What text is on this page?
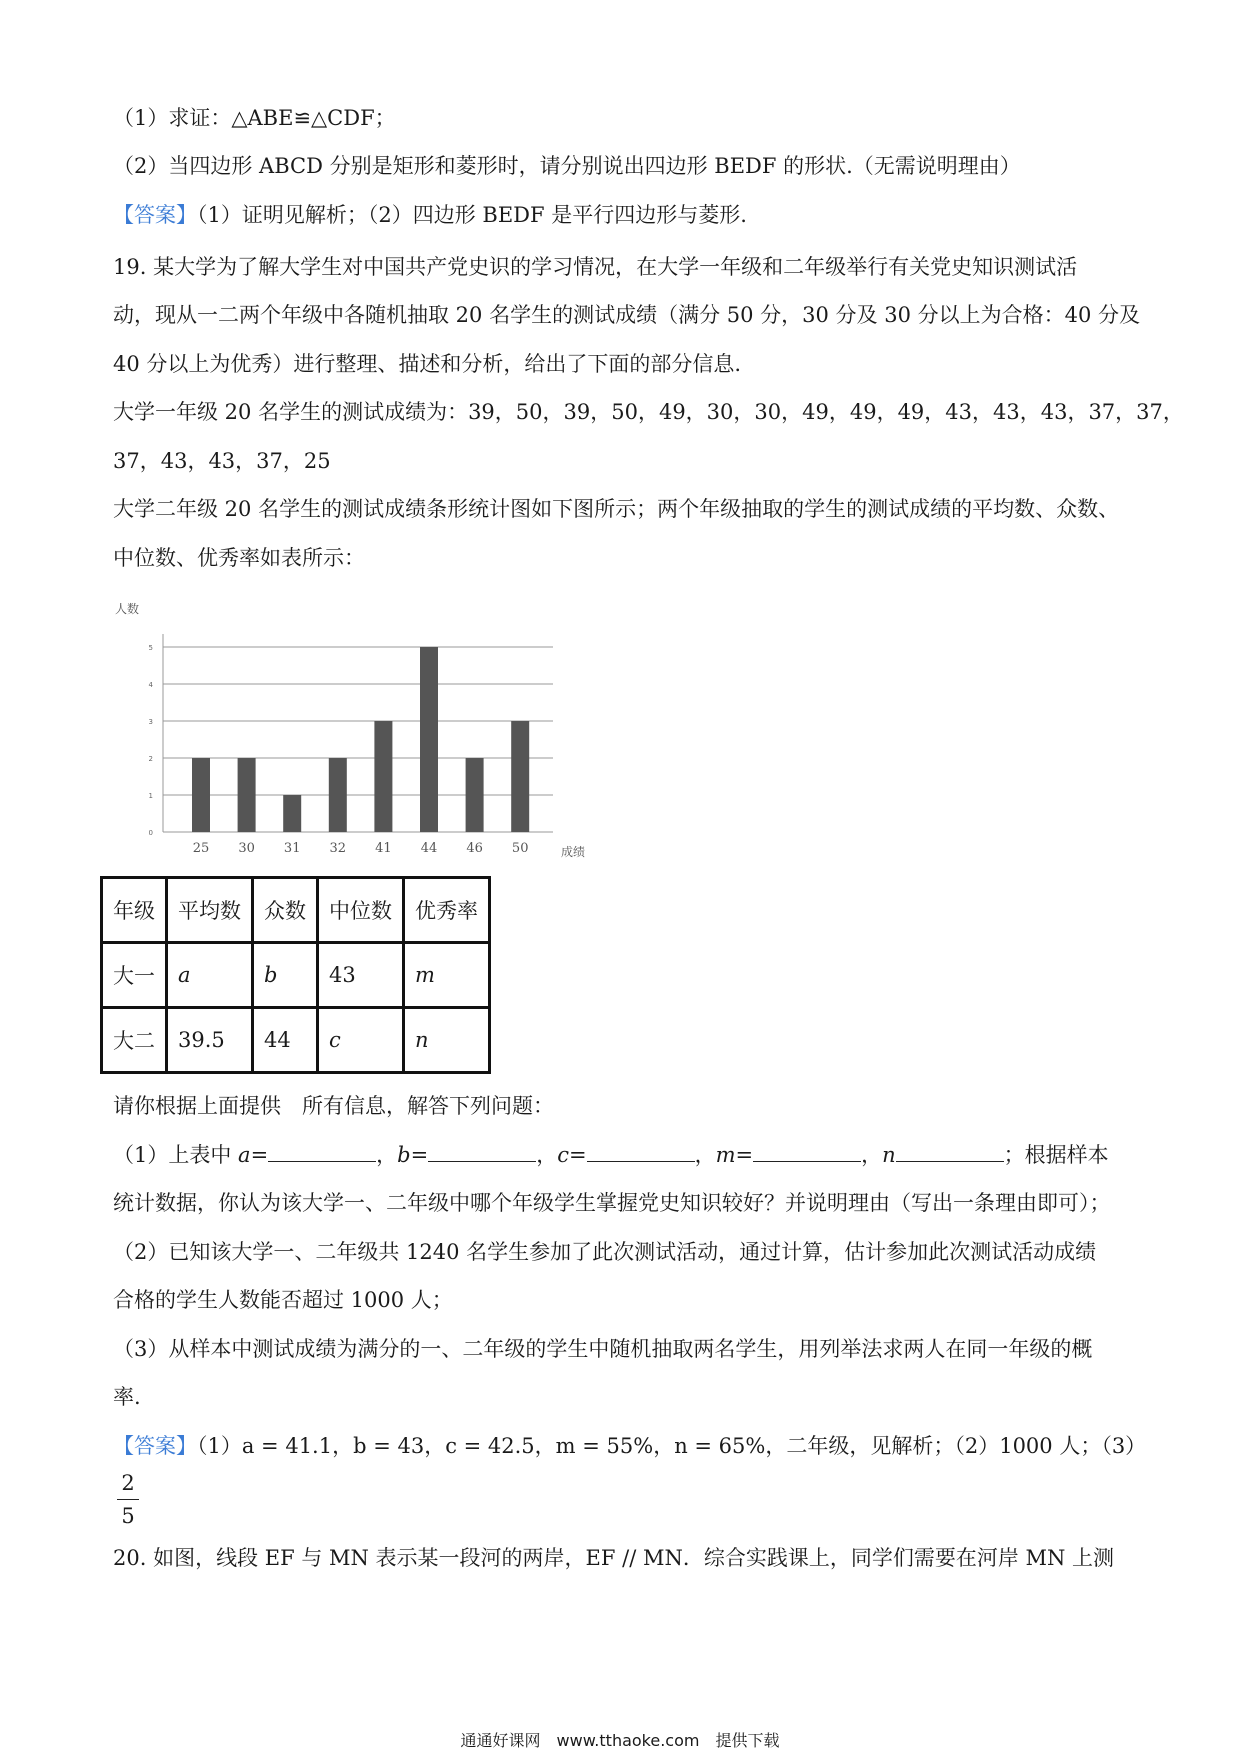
（1）求证：△ABE≌△CDF；
（2）当四边形 ABCD 分别是矩形和菱形时，请分别说出四边形 BEDF 的形状.（无需说明理由）
【答案】（1）证明见解析；（2）四边形 BEDF 是平行四边形与菱形.
19. 某大学为了解大学生对中国共产党史识的学习情况，在大学一年级和二年级举行有关党史知识测试活
动，现从一二两个年级中各随机抽取 20 名学生的测试成绩（满分 50 分，30 分及 30 分以上为合格：40 分及
40 分以上为优秀）进行整理、描述和分析，给出了下面的部分信息.
大学一年级 20 名学生的测试成绩为：39，50，39，50，49，30，30，49，49，49，43，43，43，37，37，
37，43，43，37，25
大学二年级 20 名学生的测试成绩条形统计图如下图所示；两个年级抽取的学生的测试成绩的平均数、众数、
中位数、优秀率如表所示：
0
1
2
3
4
5
人数
25 30 31 32 41 44 46 50	成绩
年级	平均数	众数	中位数	优秀率
大一	a	b	43	m
大二	39.5	44	c	n
请你根据上面提供　所有信息，解答下列问题：
（1）上表中 a=	，b=	，c=	，m=	，n	；根据样本
统计数据，你认为该大学一、二年级中哪个年级学生掌握党史知识较好？并说明理由（写出一条理由即可）；
（2）已知该大学一、二年级共 1240 名学生参加了此次测试活动，通过计算，估计参加此次测试活动成绩
合格的学生人数能否超过 1000 人；
（3）从样本中测试成绩为满分的一、二年级的学生中随机抽取两名学生，用列举法求两人在同一年级的概
率.
【答案】（1）a = 41.1，b = 43，c = 42.5，m = 55%，n = 65%，二年级，见解析；（2）1000 人；（3）
2
5
20. 如图，线段 EF 与 MN 表示某一段河的两岸，EF // MN．综合实践课上，同学们需要在河岸 MN 上测
通通好课网　www.tthaoke.com　提供下载
